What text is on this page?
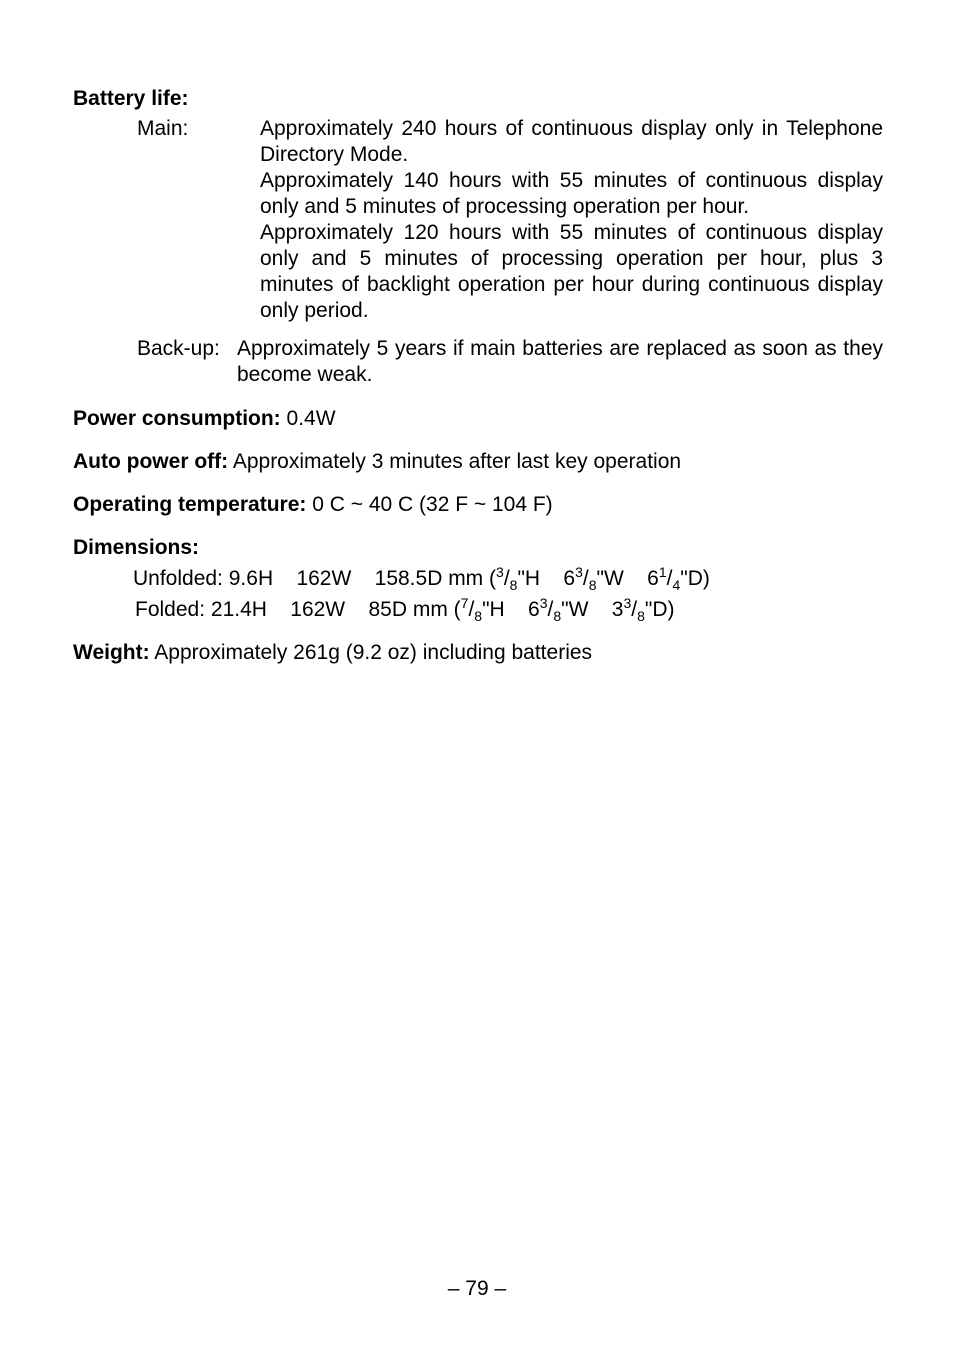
Battery life:
Main:	Approximately 240 hours of continuous display only in Telephone Directory Mode.
Approximately 140 hours with 55 minutes of continuous display only and 5 minutes of processing operation per hour.
Approximately 120 hours with 55 minutes of continuous display only and 5 minutes of processing operation per hour, plus 3 minutes of backlight operation per hour during continuous display only period.
Back-up: Approximately 5 years if main batteries are replaced as soon as they become weak.
Power consumption: 0.4W
Auto power off: Approximately 3 minutes after last key operation
Operating temperature: 0 C ~ 40 C (32 F ~ 104 F)
Dimensions:
Unfolded: 9.6H    162W    158.5D mm ($^3/_8"H$    $6^3/_8"W$    $6^1/_4"D$)
Folded: 21.4H    162W    85D mm ($^7/_8"H$    $6^3/_8"W$    $3^3/_8"D$)
Weight: Approximately 261g (9.2 oz) including batteries
– 79 –
